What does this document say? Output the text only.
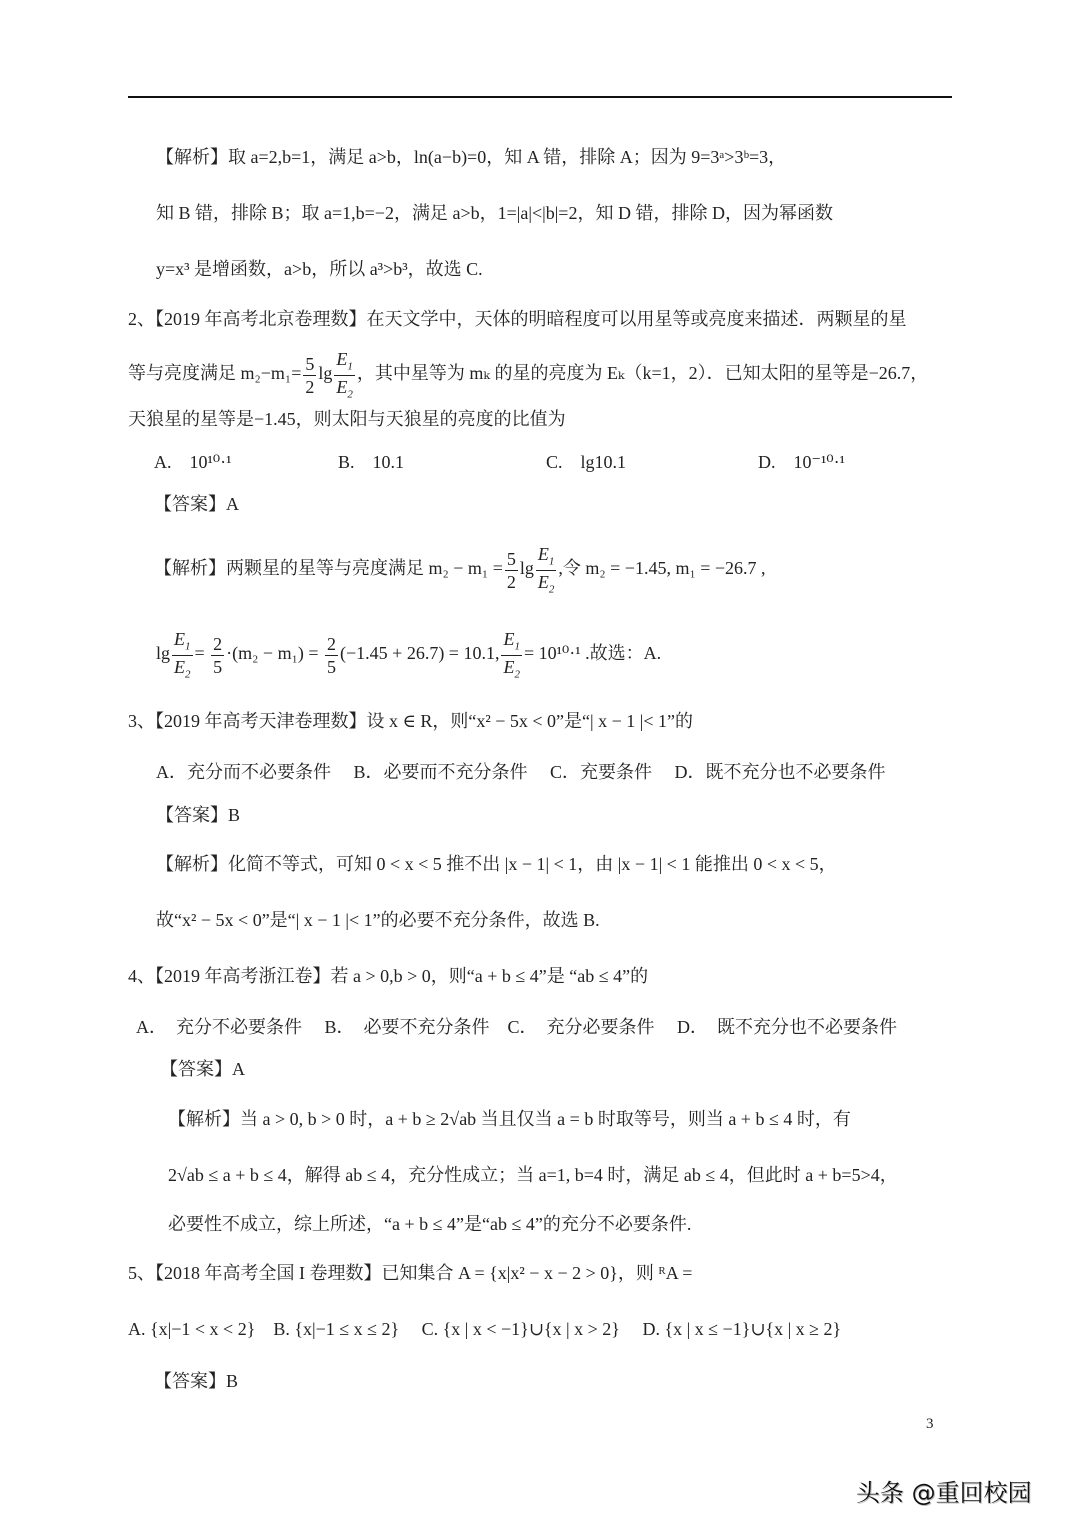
【解析】取 a=2,b=1，满足 a>b，ln(a−b)=0，知 A 错，排除 A；因为 9=3ᵃ>3ᵇ=3，
知 B 错，排除 B；取 a=1,b=−2，满足 a>b，1=|a|<|b|=2，知 D 错，排除 D，因为幂函数
y=x³ 是增函数，a>b，所以 a³>b³，故选 C.
2、【2019 年高考北京卷理数】在天文学中，天体的明暗程度可以用星等或亮度来描述．两颗星的星
等与亮度满足 $m_2-m_1= \frac{5}{2}$ $\lg \frac{E_1}{E_2}$ ，其中星等为 mₖ 的星的亮度为 Eₖ（k=1，2）．已知太阳的星等是−26.7，
天狼星的星等是−1.45，则太阳与天狼星的亮度的比值为
A.　10¹⁰·¹	B.　10.1	C.　lg10.1	D.　10⁻¹⁰·¹
【答案】A
【解析】两颗星的星等与亮度满足 $m_2 - m_1 = \frac{5}{2}$ $\lg \frac{E_1}{E_2}$ ,令 m₂ = −1.45, m₁ = −26.7 ,
$\lg \frac{E_1}{E_2} = \frac{2}{5} \cdot(m_2 - m_1) = \frac{2}{5} (-1.45 + 26.7) = 10.1$, $\frac{E_1}{E_2} = 10^{10}\cdot^1$ .故选：A.
3、【2019 年高考天津卷理数】设 x ∈ R，则“x² − 5x < 0”是“| x − 1 |< 1”的
A．充分而不必要条件　 B．必要而不充分条件　 C．充要条件　 D．既不充分也不必要条件
【答案】B
【解析】化简不等式，可知 0 < x < 5 推不出 |x − 1| < 1，由 |x − 1| < 1 能推出 0 < x < 5，
故“x² − 5x < 0”是“| x − 1 |< 1”的必要不充分条件，故选 B.
4、【2019 年高考浙江卷】若 a > 0,b > 0，则“a + b ≤ 4”是 “ab ≤ 4”的
A．　充分不必要条件　 B．　必要不充分条件　C．　充分必要条件　 D．　既不充分也不必要条件
【答案】A
【解析】当 a > 0, b > 0 时，a + b ≥ 2√ab 当且仅当 a = b 时取等号，则当 a + b ≤ 4 时，有
2√ab ≤ a + b ≤ 4，解得 ab ≤ 4，充分性成立；当 a=1, b=4 时，满足 ab ≤ 4，但此时 a + b=5>4，
必要性不成立，综上所述，“a + b ≤ 4”是“ab ≤ 4”的充分不必要条件.
5、【2018 年高考全国 I 卷理数】已知集合 A = {x|x² − x − 2 > 0}，则 ᴿA =
A. {x|−1 < x < 2}　B. {x|−1 ≤ x ≤ 2}　 C. {x | x < −1}∪{x | x > 2}　 D. {x | x ≤ −1}∪{x | x ≥ 2}
【答案】B
3
头条 @重回校园
